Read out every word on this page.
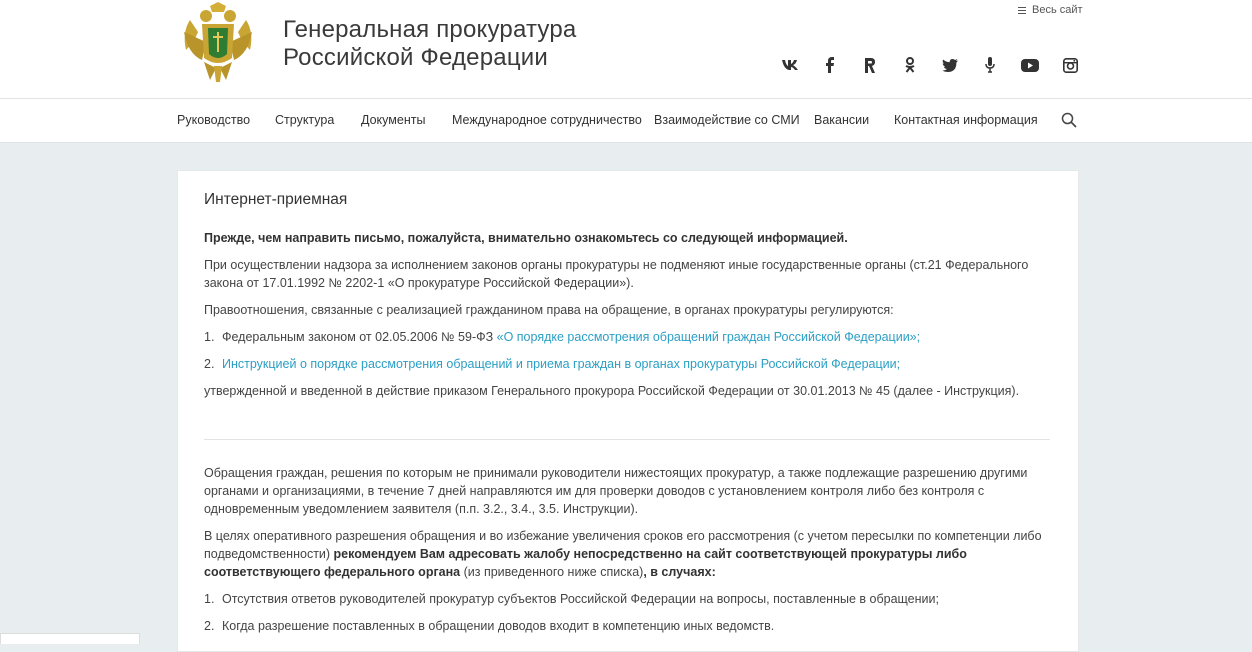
Генеральная прокуратура
Российской Федерации
Весь сайт
Руководство Структура Документы Международное сотрудничество Взаимодействие со СМИ Вакансии Контактная информация
Интернет-приемная
Прежде, чем направить письмо, пожалуйста, внимательно ознакомьтесь со следующей информацией.
При осуществлении надзора за исполнением законов органы прокуратуры не подменяют иные государственные органы (ст.21 Федерального закона от 17.01.1992 № 2202-1 «О прокуратуре Российской Федерации»).
Правоотношения, связанные с реализацией гражданином права на обращение, в органах прокуратуры регулируются:
1. Федеральным законом от 02.05.2006 № 59-ФЗ «О порядке рассмотрения обращений граждан Российской Федерации»;
2. Инструкцией о порядке рассмотрения обращений и приема граждан в органах прокуратуры Российской Федерации;
утвержденной и введенной в действие приказом Генерального прокурора Российской Федерации от 30.01.2013 № 45 (далее - Инструкция).
Обращения граждан, решения по которым не принимали руководители нижестоящих прокуратур, а также подлежащие разрешению другими органами и организациями, в течение 7 дней направляются им для проверки доводов с установлением контроля либо без контроля с одновременным уведомлением заявителя (п.п. 3.2., 3.4., 3.5. Инструкции).
В целях оперативного разрешения обращения и во избежание увеличения сроков его рассмотрения (с учетом пересылки по компетенции либо подведомственности) рекомендуем Вам адресовать жалобу непосредственно на сайт соответствующей прокуратуры либо соответствующего федерального органа (из приведенного ниже списка), в случаях:
1. Отсутствия ответов руководителей прокуратур субъектов Российской Федерации на вопросы, поставленные в обращении;
2. Когда разрешение поставленных в обращении доводов входит в компетенцию иных ведомств.
